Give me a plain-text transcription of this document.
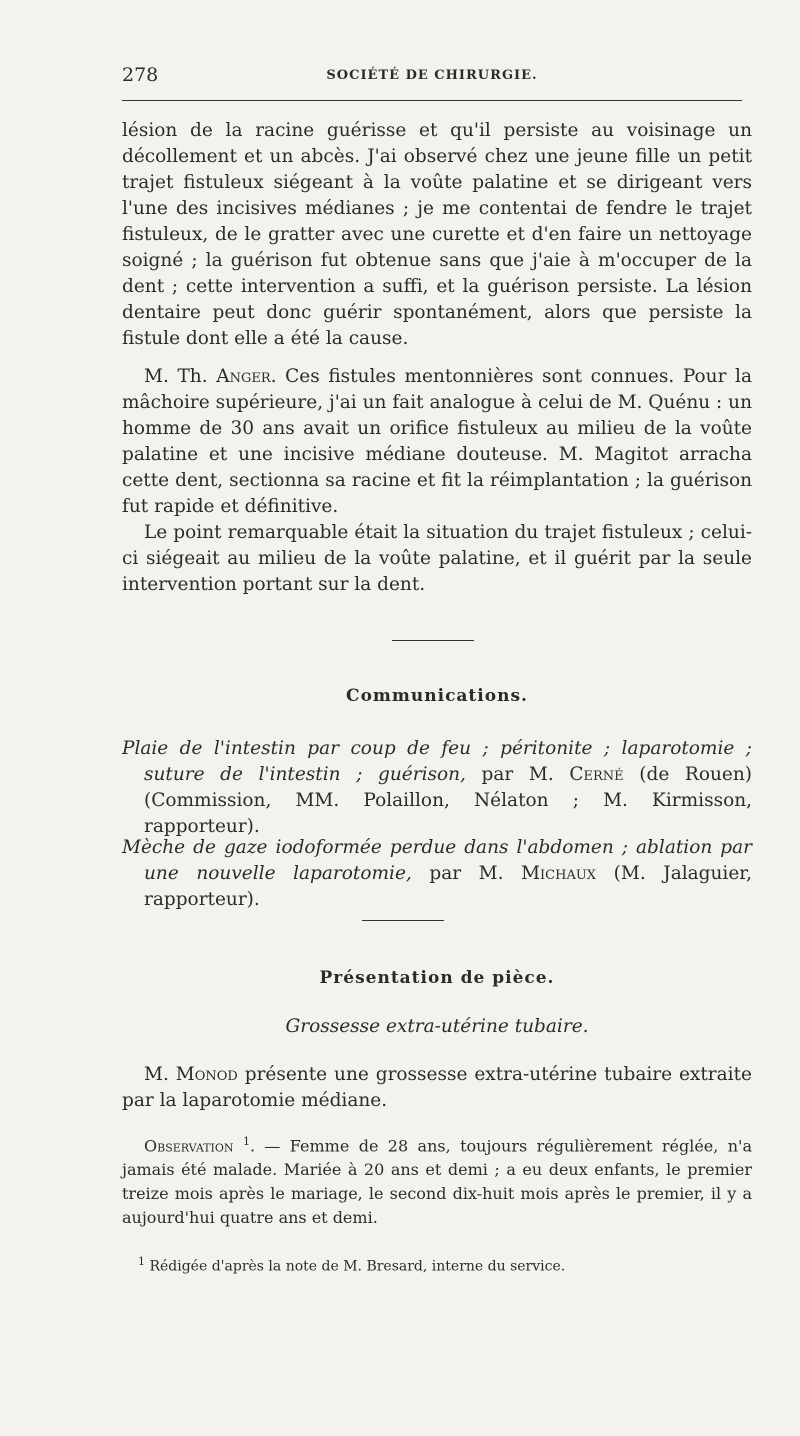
278	SOCIÉTÉ DE CHIRURGIE.

lésion de la racine guérisse et qu'il persiste au voisinage un décollement et un abcès. J'ai observé chez une jeune fille un petit trajet fistuleux siégeant à la voûte palatine et se dirigeant vers l'une des incisives médianes ; je me contentai de fendre le trajet fistuleux, de le gratter avec une curette et d'en faire un nettoyage soigné ; la guérison fut obtenue sans que j'aie à m'occuper de la dent ; cette intervention a suffi, et la guérison persiste. La lésion dentaire peut donc guérir spontanément, alors que persiste la fistule dont elle a été la cause.

M. Th. Anger. Ces fistules mentonnières sont connues. Pour la mâchoire supérieure, j'ai un fait analogue à celui de M. Quénu : un homme de 30 ans avait un orifice fistuleux au milieu de la voûte palatine et une incisive médiane douteuse. M. Magitot arracha cette dent, sectionna sa racine et fit la réimplantation ; la guérison fut rapide et définitive.

Le point remarquable était la situation du trajet fistuleux ; celui-ci siégeait au milieu de la voûte palatine, et il guérit par la seule intervention portant sur la dent.

Communications.

Plaie de l'intestin par coup de feu ; péritonite ; laparotomie ; suture de l'intestin ; guérison, par M. Cerné (de Rouen) (Commission, MM. Polaillon, Nélaton ; M. Kirmisson, rapporteur).

Mèche de gaze iodoformée perdue dans l'abdomen ; ablation par une nouvelle laparotomie, par M. Michaux (M. Jalaguier, rapporteur).

Présentation de pièce.
Grossesse extra-utérine tubaire.

M. Monod présente une grossesse extra-utérine tubaire extraite par la laparotomie médiane.

Observation $^1$. — Femme de 28 ans, toujours régulièrement réglée, n'a jamais été malade. Mariée à 20 ans et demi ; a eu deux enfants, le premier treize mois après le mariage, le second dix-huit mois après le premier, il y a aujourd'hui quatre ans et demi.

$^1$ Rédigée d'après la note de M. Bresard, interne du service.
